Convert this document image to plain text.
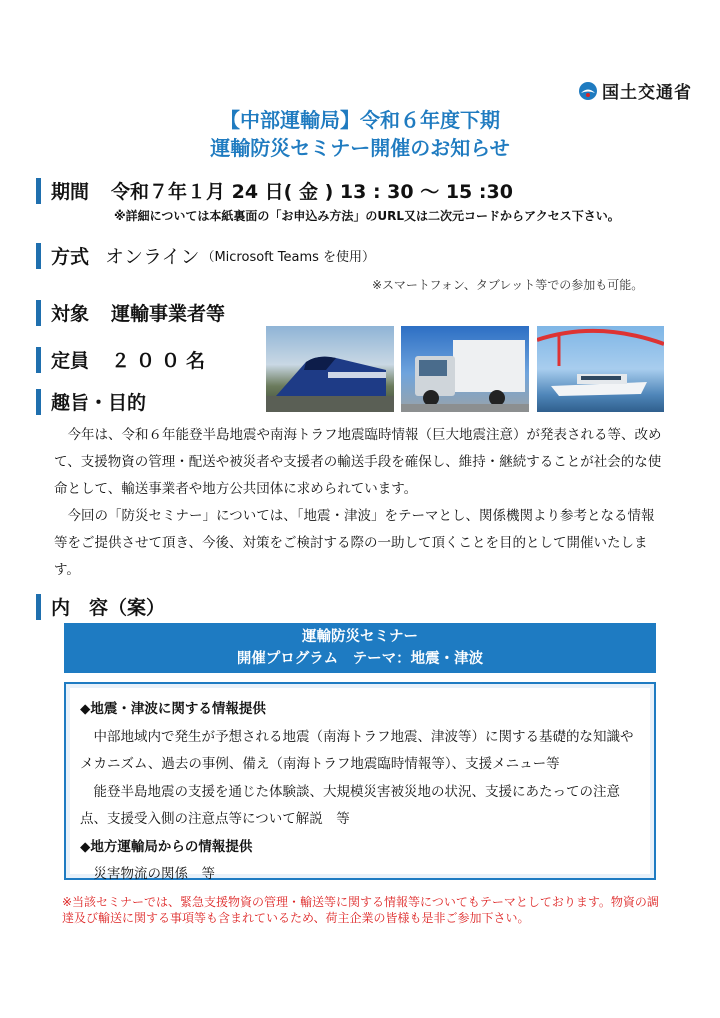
国土交通省
【中部運輸局】令和６年度下期
運輸防災セミナー開催のお知らせ
期間 令和７年１月 24 日( 金 ) 13 : 30 〜 15 :30
※詳細については本紙裏面の「お申込み方法」のURL又は二次元コードからアクセス下さい。
方式 オンライン （Microsoft Teams を使用）
※スマートフォン、タブレット等での参加も可能。
対象 運輸事業者等
定員 ２００名
趣旨・目的

今年は、令和６年能登半島地震や南海トラフ地震臨時情報（巨大地震注意）が発表される等、改めて、支援物資の管理・配送や被災者や支援者の輸送手段を確保し、維持・継続することが社会的な使命として、輸送事業者や地方公共団体に求められています。

今回の「防災セミナー」については、「地震・津波」をテーマとし、関係機関より参考となる情報等をご提供させて頂き、今後、対策をご検討する際の一助して頂くことを目的として開催いたします。

内　容（案）
運輸防災セミナー
開催プログラム　テーマ：地震・津波
◆地震・津波に関する情報提供
中部地域内で発生が予想される地震（南海トラフ地震、津波等）に関する基礎的な知識やメカニズム、過去の事例、備え（南海トラフ地震臨時情報等）、支援メニュー等
能登半島地震の支援を通じた体験談、大規模災害被災地の状況、支援にあたっての注意点、支援受入側の注意点等について解説　等
◆地方運輸局からの情報提供
災害物流の関係　等
※当該セミナーでは、緊急支援物資の管理・輸送等に関する情報等についてもテーマとしております。物資の調達及び輸送に関する事項等も含まれているため、荷主企業の皆様も是非ご参加下さい。
